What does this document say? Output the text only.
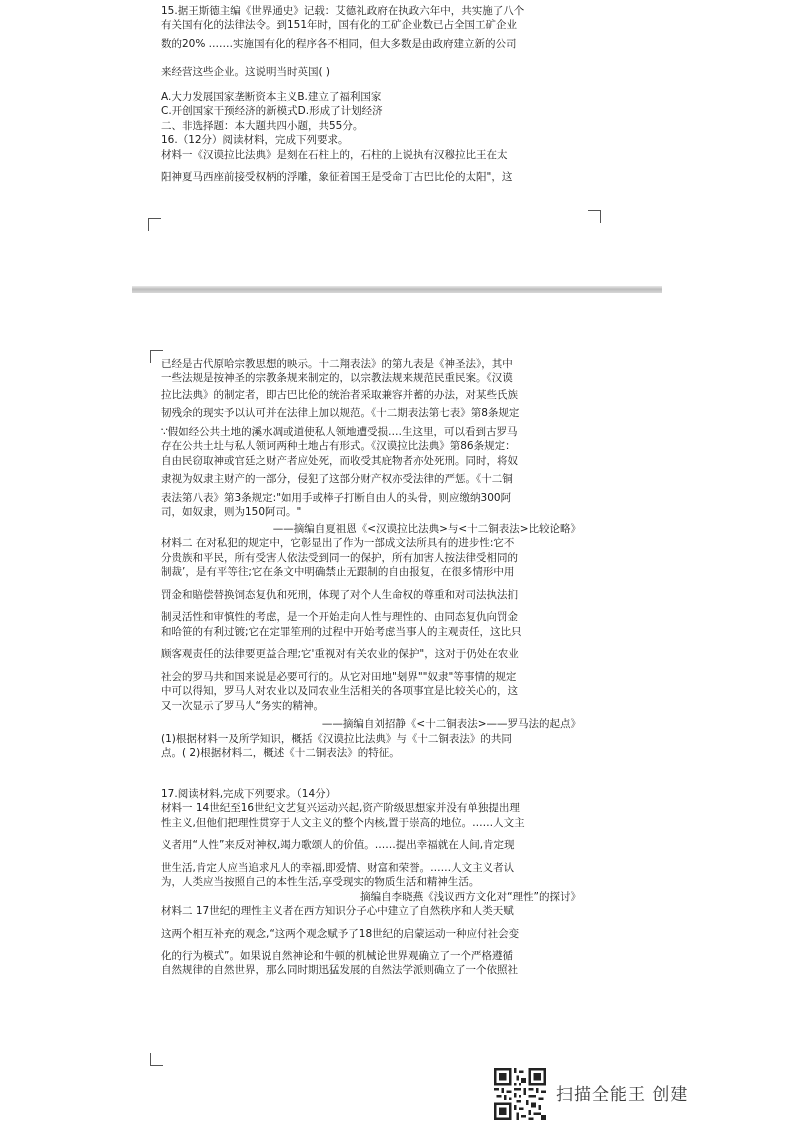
15.据王斯德主编《世界通史》记载：艾德礼政府在执政六年中，共实施了八个

有关国有化的法律法令。到151年时，国有化的工矿企业数已占全国工矿企业

数的20% .……实施国有化的程序各不相同，但大多数是由政府建立新的公司

来经营这些企业。这说明当时英国( )

A.大力发展国家垄断资本主义B.建立了福利国家

C.开创国家干预经济的新模式D.形成了计划经济

二、非选择题：本大题共四小题，共55分。

16.（12分）阅读材料，完成下列要求。

材料一《汉谟拉比法典》是刻在石柱上的，石柱的上说执有汉穆拉比王在太

阳神夏马西座前接受权柄的浮雕，象征着国王是受命丁古巴比伦的太阳"，这

已经是古代原哈宗教思想的映示。十二翔表法》的第九表是《神圣法》，其中

一些法规是按神圣的宗教条规来制定的，以宗教法规来规范民重民案。《汉谟

拉比法典》的制定者，即古巴比伦的统治者采取兼容并蓄的办法，对某些氏族

韧残余的现实予以认可并在法律上加以规范。《十二期表法第七表》第8条规定

∵假如经公共土地的溪水凋或道使私人领地遭受损.…生这里，可以看到古罗马

存在公共土圵与私人领诃两种土地占有形式。《汉谟拉比法典》第86条规定：

自由民窃取神或官廷之财产者应处死，而收受其庇物者亦处死刑。同时，将奴

隶视为奴隶主财产的一部分，侵犯了这部分财产权亦受法律的严惩。《十二铜

表法第八表》第3条规定:"如用手或棒子打断自由人的头骨，则应缴纳300阿

司，如奴隶，则为150阿司。"

——摘编自夏祖恩《<汉谟拉比法典>与<十二铜表法>比较论略》

材料二 在对私犯的规定中，它彰显出了作为一部成文法所具有的进步性:它不

分贵族和平民，所有受害人依法受到同一的保护，所有加害人按法律受相同的

制裁’，是有平等往;它在条文中明确禁止无跟制的自由报复，在很多情形中用

罚金和賠偿替换饲态复仇和死刑，体现了对个人生命权的尊重和对司法执法扪

制灵活性和审慎性的考虑，是一个开始走向人性与理性的、由同态复仇向罚金

和哈笹的有利过镀;它在定罪笙刑的过程中开始考虑当事人的主观责任，这比只

顾客观责任的法律要更益合理;它'重视对有关农业的保护"，这对于仍处在农业

社会的罗马共和国来说是必要可行的。从它对田地"刬界""奴隶"等事情的规定

中可以得知，罗马人对农业以及同农业生活相关的各项事宜是比较关心的，这

又一次显示了罗马人“务实的精神。

——摘编自刘招静《<十二铜表法>——罗马法的起点》

(1)根据材料一及所学知识，概括《汉谟拉比法典》与《十二铜表法》的共同

点。( 2)根据材料二，概述《十二铜表法》的特征。

17.阅读材料,完成下列要求。（14分）

材料一 14世纪至16世纪文艺复兴运动兴起,资产阶级思想家并没有单独提出理

性主义,但他们把理性贯穿于人文主义的整个内核,置于崇高的地位。……人文主

义者用“人性”来反对神权,竭力歌颂人的价值。……提出幸福就在人间,肯定现

世生活,肯定人应当追求凡人的幸福,即爱情、财富和荣誉。……人文主义者认

为，人类应当按照自己的本性生活,享受现实的物质生活和精神生活。

摘编自李晓燕《浅议西方文化对“理性”的探讨》

材料二 17世纪的理性主义者在西方知识分子心中建立了自然秩序和人类天赋

这两个相互补充的观念,“这两个观念赋予了18世纪的启蒙运动一种应付社会变

化的行为模式”。如果说自然神论和牛顿的机械论世界观确立了一个严格遵循

自然规律的自然世界，那么同时期迅猛发展的自然法学派则确立了一个依照社

扫描全能王 创建
